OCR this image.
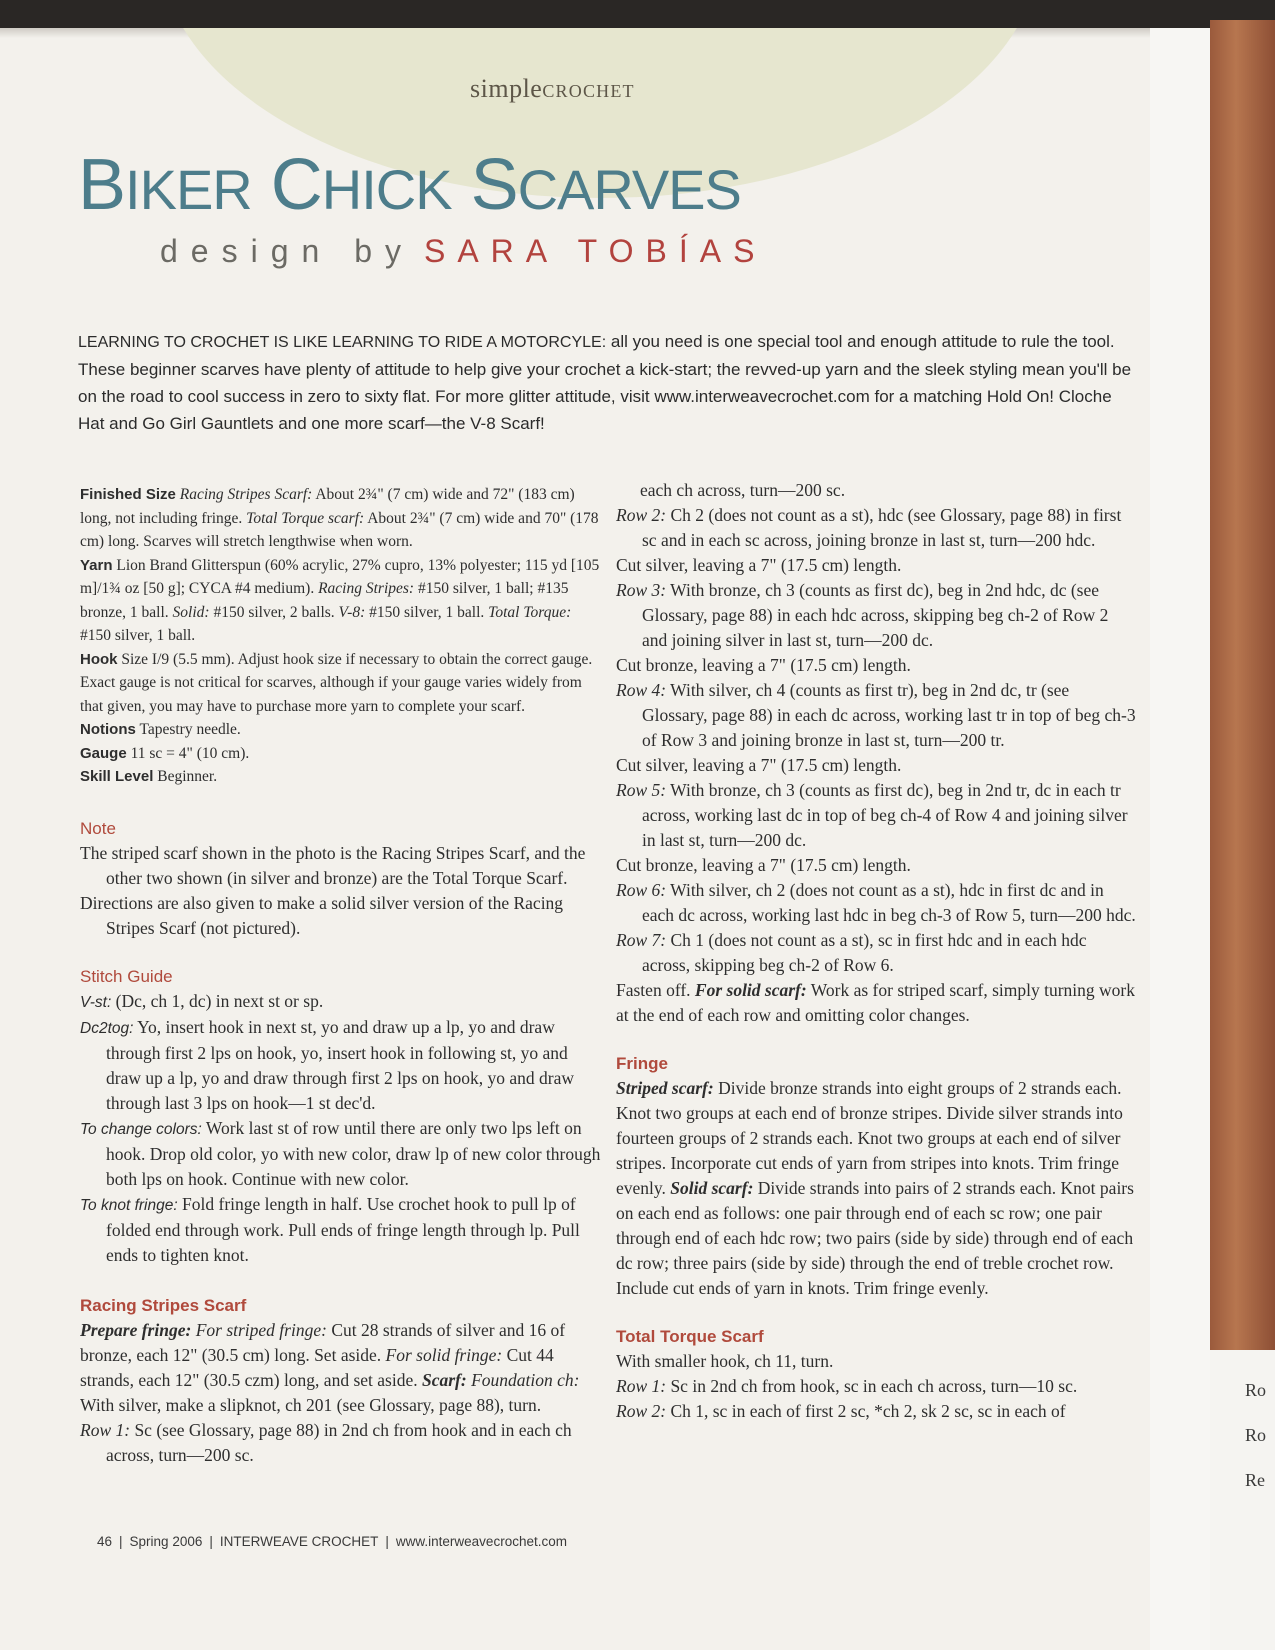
simpleCROCHET
BIKER CHICK SCARVES
design by SARA TOBÍAS
LEARNING TO CROCHET IS LIKE LEARNING TO RIDE A MOTORCYLE: all you need is one special tool and enough attitude to rule the tool. These beginner scarves have plenty of attitude to help give your crochet a kick-start; the revved-up yarn and the sleek styling mean you'll be on the road to cool success in zero to sixty flat. For more glitter attitude, visit www.interweavecrochet.com for a matching Hold On! Cloche Hat and Go Girl Gauntlets and one more scarf—the V-8 Scarf!

Finished Size Racing Stripes Scarf: About 2¾" (7 cm) wide and 72" (183 cm) long, not including fringe. Total Torque scarf: About 2¾" (7 cm) wide and 70" (178 cm) long. Scarves will stretch lengthwise when worn.

Yarn Lion Brand Glitterspun (60% acrylic, 27% cupro, 13% polyester; 115 yd [105 m]/1¾ oz [50 g]; CYCA #4 medium). Racing Stripes: #150 silver, 1 ball; #135 bronze, 1 ball. Solid: #150 silver, 2 balls. V-8: #150 silver, 1 ball. Total Torque: #150 silver, 1 ball.

Hook Size I/9 (5.5 mm). Adjust hook size if necessary to obtain the correct gauge. Exact gauge is not critical for scarves, although if your gauge varies widely from that given, you may have to purchase more yarn to complete your scarf.

Notions Tapestry needle.

Gauge 11 sc = 4" (10 cm).

Skill Level Beginner.

Note

The striped scarf shown in the photo is the Racing Stripes Scarf, and the other two shown (in silver and bronze) are the Total Torque Scarf.

Directions are also given to make a solid silver version of the Racing Stripes Scarf (not pictured).

Stitch Guide

V-st: (Dc, ch 1, dc) in next st or sp.

Dc2tog: Yo, insert hook in next st, yo and draw up a lp, yo and draw through first 2 lps on hook, yo, insert hook in following st, yo and draw up a lp, yo and draw through first 2 lps on hook, yo and draw through last 3 lps on hook—1 st dec'd.

To change colors: Work last st of row until there are only two lps left on hook. Drop old color, yo with new color, draw lp of new color through both lps on hook. Continue with new color.

To knot fringe: Fold fringe length in half. Use crochet hook to pull lp of folded end through work. Pull ends of fringe length through lp. Pull ends to tighten knot.

Racing Stripes Scarf

Prepare fringe: For striped fringe: Cut 28 strands of silver and 16 of bronze, each 12" (30.5 cm) long. Set aside. For solid fringe: Cut 44 strands, each 12" (30.5 czm) long, and set aside. Scarf: Foundation ch: With silver, make a slipknot, ch 201 (see Glossary, page 88), turn.

Row 1: Sc (see Glossary, page 88) in 2nd ch from hook and in each ch across, turn—200 sc.

each ch across, turn—200 sc.

Row 2: Ch 2 (does not count as a st), hdc (see Glossary, page 88) in first sc and in each sc across, joining bronze in last st, turn—200 hdc.

Cut silver, leaving a 7" (17.5 cm) length.

Row 3: With bronze, ch 3 (counts as first dc), beg in 2nd hdc, dc (see Glossary, page 88) in each hdc across, skipping beg ch-2 of Row 2 and joining silver in last st, turn—200 dc.

Cut bronze, leaving a 7" (17.5 cm) length.

Row 4: With silver, ch 4 (counts as first tr), beg in 2nd dc, tr (see Glossary, page 88) in each dc across, working last tr in top of beg ch-3 of Row 3 and joining bronze in last st, turn—200 tr.

Cut silver, leaving a 7" (17.5 cm) length.

Row 5: With bronze, ch 3 (counts as first dc), beg in 2nd tr, dc in each tr across, working last dc in top of beg ch-4 of Row 4 and joining silver in last st, turn—200 dc.

Cut bronze, leaving a 7" (17.5 cm) length.

Row 6: With silver, ch 2 (does not count as a st), hdc in first dc and in each dc across, working last hdc in beg ch-3 of Row 5, turn—200 hdc.

Row 7: Ch 1 (does not count as a st), sc in first hdc and in each hdc across, skipping beg ch-2 of Row 6.

Fasten off. For solid scarf: Work as for striped scarf, simply turning work at the end of each row and omitting color changes.

Fringe

Striped scarf: Divide bronze strands into eight groups of 2 strands each. Knot two groups at each end of bronze stripes. Divide silver strands into fourteen groups of 2 strands each. Knot two groups at each end of silver stripes. Incorporate cut ends of yarn from stripes into knots. Trim fringe evenly. Solid scarf: Divide strands into pairs of 2 strands each. Knot pairs on each end as follows: one pair through end of each sc row; one pair through end of each hdc row; two pairs (side by side) through end of each dc row; three pairs (side by side) through the end of treble crochet row. Include cut ends of yarn in knots. Trim fringe evenly.

Total Torque Scarf

With smaller hook, ch 11, turn.

Row 1: Sc in 2nd ch from hook, sc in each ch across, turn—10 sc.

Row 2: Ch 1, sc in each of first 2 sc, *ch 2, sk 2 sc, sc in each of

46 | Spring 2006 | INTERWEAVE CROCHET | www.interweavecrochet.com
Ro
Ro
Re
